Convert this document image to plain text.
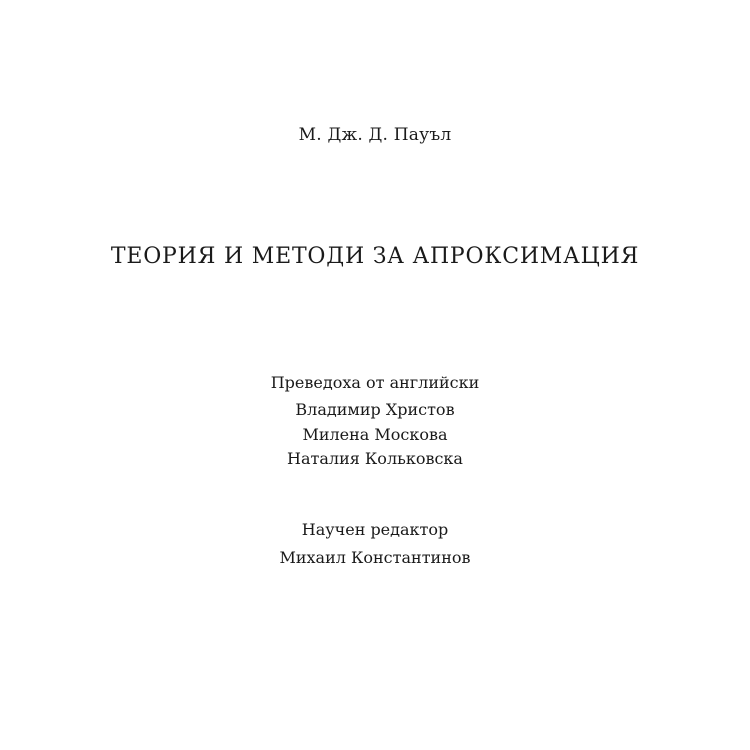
М. Дж. Д. Пауъл
ТЕОРИЯ И МЕТОДИ ЗА АПРОКСИМАЦИЯ
Преведоха от английски
Владимир Христов
Милена Москова
Наталия Кольковска
Научен редактор
Михаил Константинов
